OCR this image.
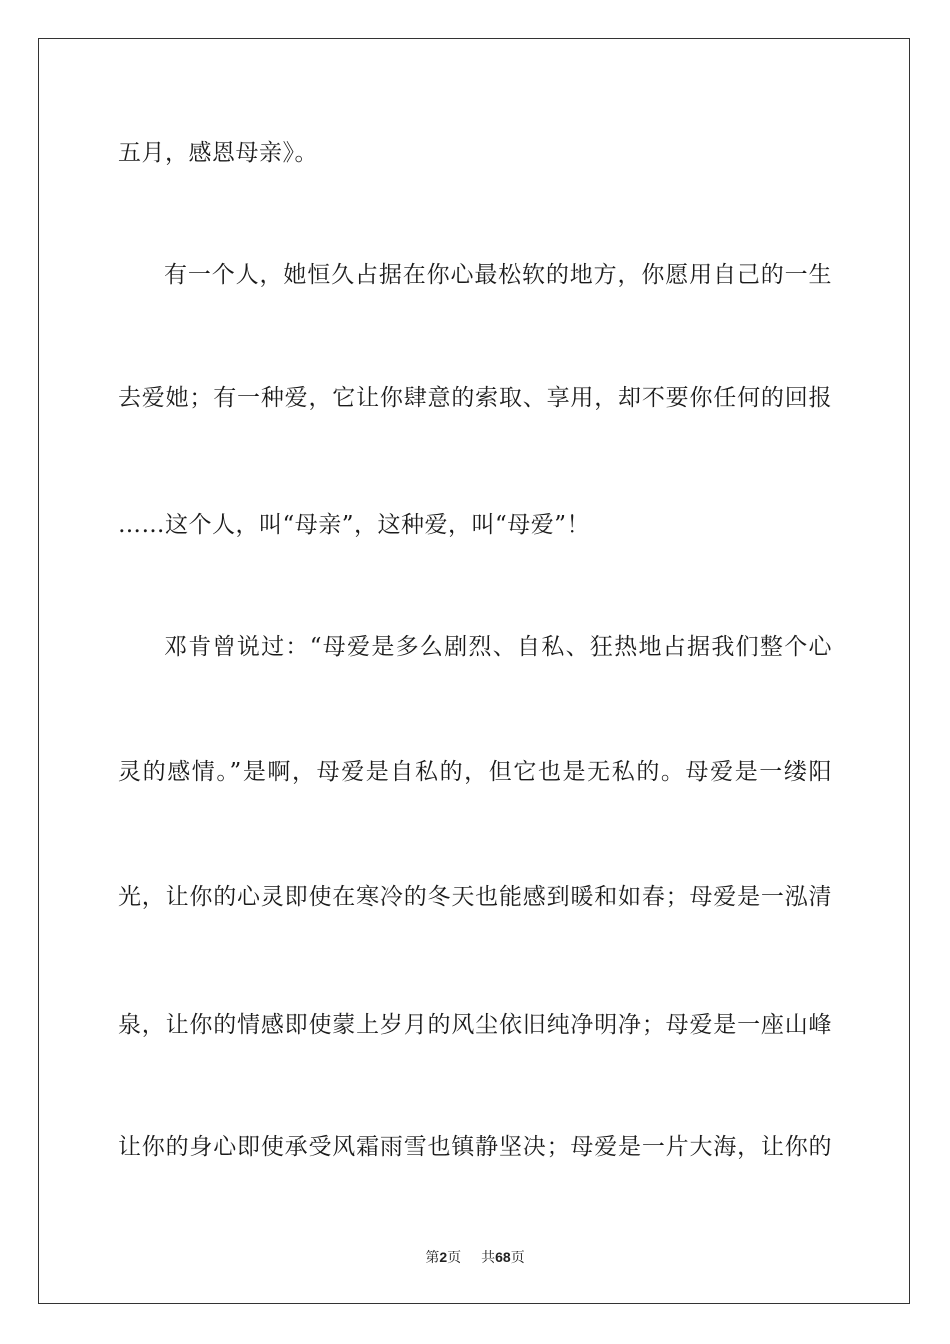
五月，感恩母亲》。
有一个人，她恒久占据在你心最松软的地方，你愿用自己的一生
去爱她；有一种爱，它让你肆意的索取、享用，却不要你任何的回报
……这个人，叫“母亲”，这种爱，叫“母爱”！
邓肯曾说过：“母爱是多么剧烈、自私、狂热地占据我们整个心
灵的感情。”是啊，母爱是自私的，但它也是无私的。母爱是一缕阳
光，让你的心灵即使在寒冷的冬天也能感到暖和如春；母爱是一泓清
泉，让你的情感即使蒙上岁月的风尘依旧纯净明净；母爱是一座山峰
让你的身心即使承受风霜雨雪也镇静坚决；母爱是一片大海，让你的
第2页 共68页
